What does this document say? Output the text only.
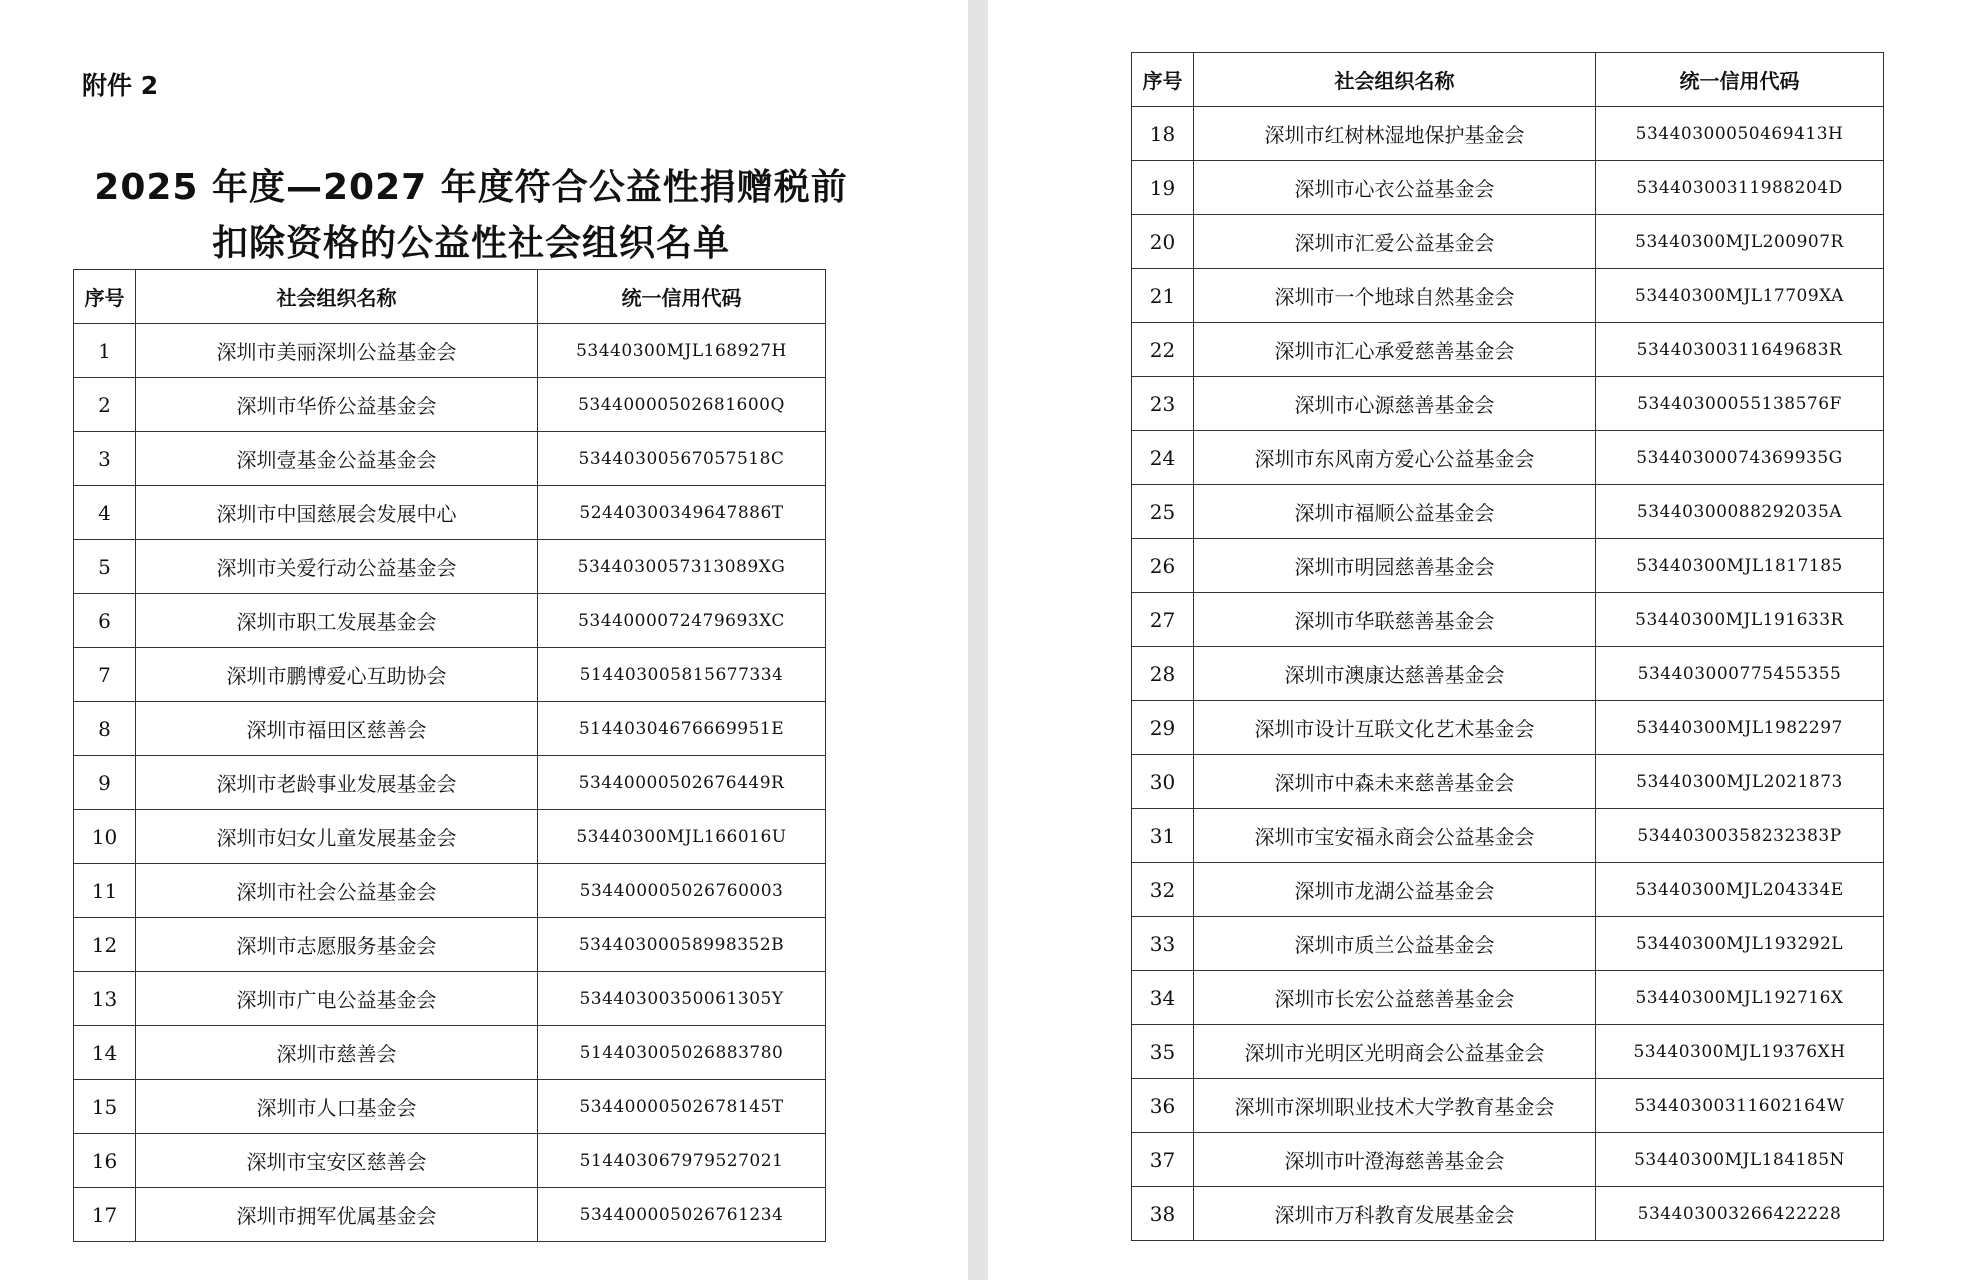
附件 2

2025 年度—2027 年度符合公益性捐赠税前
扣除资格的公益性社会组织名单
序号	社会组织名称	统一信用代码
1	深圳市美丽深圳公益基金会	53440300MJL168927H
2	深圳市华侨公益基金会	53440000502681600Q
3	深圳壹基金公益基金会	53440300567057518C
4	深圳市中国慈展会发展中心	52440300349647886T
5	深圳市关爱行动公益基金会	5344030057313089XG
6	深圳市职工发展基金会	5344000072479693XC
7	深圳市鹏博爱心互助协会	514403005815677334
8	深圳市福田区慈善会	51440304676669951E
9	深圳市老龄事业发展基金会	53440000502676449R
10	深圳市妇女儿童发展基金会	53440300MJL166016U
11	深圳市社会公益基金会	534400005026760003
12	深圳市志愿服务基金会	53440300058998352B
13	深圳市广电公益基金会	53440300350061305Y
14	深圳市慈善会	514403005026883780
15	深圳市人口基金会	53440000502678145T
16	深圳市宝安区慈善会	514403067979527021
17	深圳市拥军优属基金会	534400005026761234
序号	社会组织名称	统一信用代码
18	深圳市红树林湿地保护基金会	53440300050469413H
19	深圳市心衣公益基金会	53440300311988204D
20	深圳市汇爱公益基金会	53440300MJL200907R
21	深圳市一个地球自然基金会	53440300MJL17709XA
22	深圳市汇心承爱慈善基金会	53440300311649683R
23	深圳市心源慈善基金会	53440300055138576F
24	深圳市东风南方爱心公益基金会	53440300074369935G
25	深圳市福顺公益基金会	53440300088292035A
26	深圳市明园慈善基金会	53440300MJL1817185
27	深圳市华联慈善基金会	53440300MJL191633R
28	深圳市澳康达慈善基金会	534403000775455355
29	深圳市设计互联文化艺术基金会	53440300MJL1982297
30	深圳市中森未来慈善基金会	53440300MJL2021873
31	深圳市宝安福永商会公益基金会	53440300358232383P
32	深圳市龙湖公益基金会	53440300MJL204334E
33	深圳市质兰公益基金会	53440300MJL193292L
34	深圳市长宏公益慈善基金会	53440300MJL192716X
35	深圳市光明区光明商会公益基金会	53440300MJL19376XH
36	深圳市深圳职业技术大学教育基金会	53440300311602164W
37	深圳市叶澄海慈善基金会	53440300MJL184185N
38	深圳市万科教育发展基金会	534403003266422228
